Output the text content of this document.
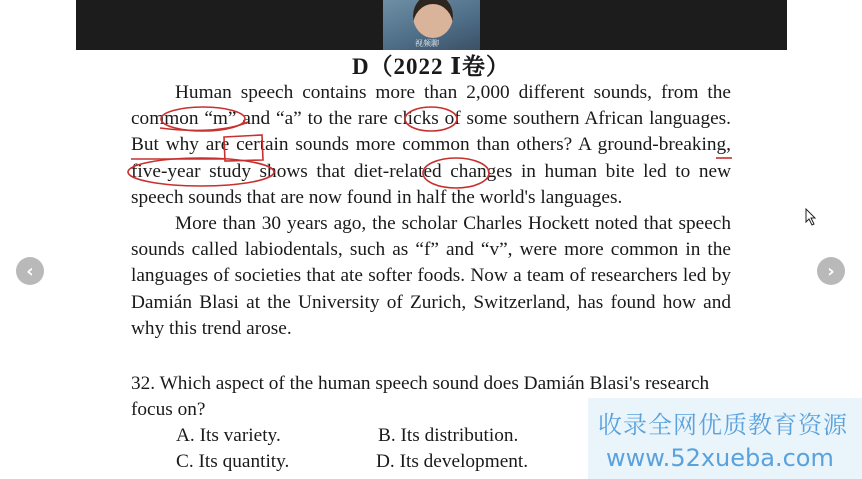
视频聊
D（2022 Ⅰ卷）

Human speech contains more than 2,000 different sounds, from the common “m” and “a” to the rare clicks of some southern African languages. But why are certain sounds more common than others? A ground-breaking, five-year study shows that diet-related changes in human bite led to new speech sounds that are now found in half the world's languages.

More than 30 years ago, the scholar Charles Hockett noted that speech sounds called labiodentals, such as “f” and “v”, were more common in the languages of societies that ate softer foods. Now a team of researchers led by Damián Blasi at the University of Zurich, Switzerland, has found how and why this trend arose.

32. Which aspect of the human speech sound does Damián Blasi's research focus on?
A. Its variety.	B. Its distribution.
C. Its quantity.	D. Its development.
‹	›
收录全网优质教育资源
www.52xueba.com
